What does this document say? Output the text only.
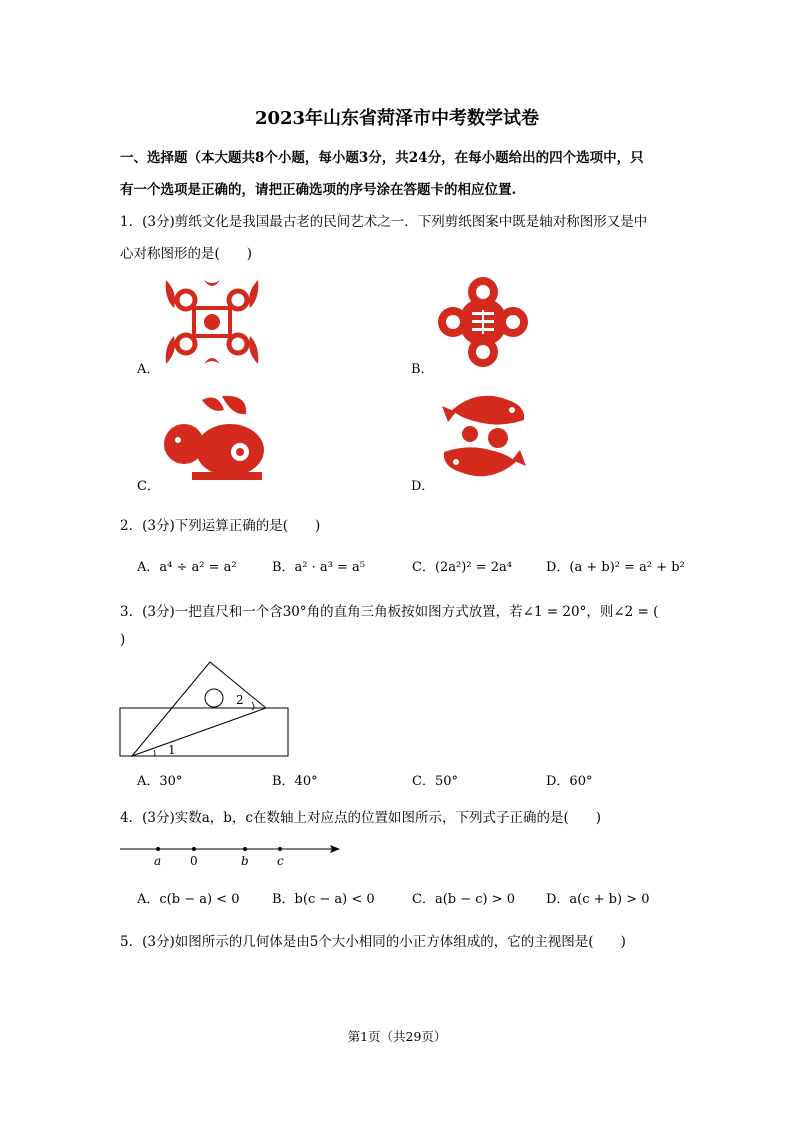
2023年山东省菏泽市中考数学试卷
一、选择题（本大题共8个小题，每小题3分，共24分，在每小题给出的四个选项中，只
有一个选项是正确的，请把正确选项的序号涂在答题卡的相应位置.
1．(3分)剪纸文化是我国最古老的民间艺术之一．下列剪纸图案中既是轴对称图形又是中
心对称图形的是(　　)
A．	B．
C．	D．
2．(3分)下列运算正确的是(　　)
A．a⁴ ÷ a² = a²	B．a² · a³ = a⁵	C．(2a²)² = 2a⁴	D．(a + b)² = a² + b²
3．(3分)一把直尺和一个含30°角的直角三角板按如图方式放置，若∠1 = 20°，则∠2 = (
)
1
2
A．30°	B．40°	C．50°	D．60°
4．(3分)实数a，b，c在数轴上对应点的位置如图所示，下列式子正确的是(　　)
a 0	b c
A．c(b − a) < 0	B．b(c − a) < 0	C．a(b − c) > 0 D．a(c + b) > 0
5．(3分)如图所示的几何体是由5个大小相同的小正方体组成的，它的主视图是(　　)
第1页（共29页）
